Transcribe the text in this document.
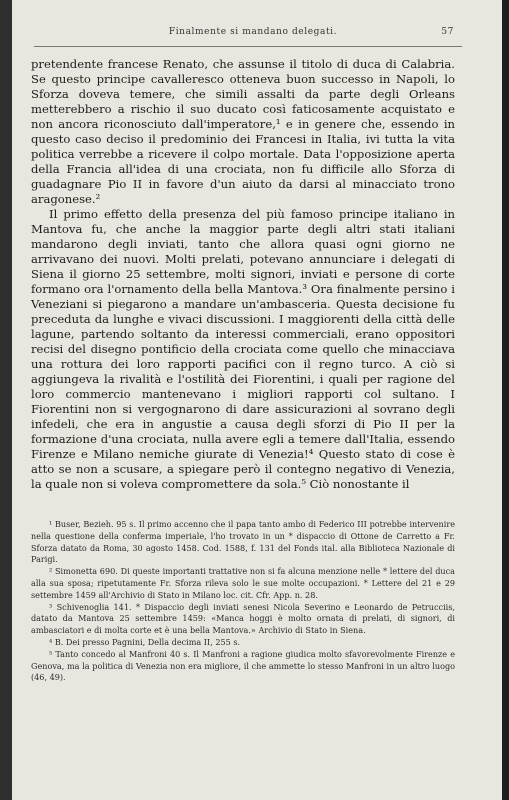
Finalmente si mandano delegati.	57

pretendente francese Renato, che assunse il titolo di duca di Calabria. Se questo principe cavalleresco otteneva buon successo in Napoli, lo Sforza doveva temere, che simili assalti da parte degli Orleans metterebbero a rischio il suo ducato così faticosamente acquistato e non ancora riconosciuto dall'imperatore,¹ e in genere che, essendo in questo caso deciso il predominio dei Francesi in Italia, ivi tutta la vita politica verrebbe a ricevere il colpo mortale. Data l'opposizione aperta della Francia all'idea di una crociata, non fu difficile allo Sforza di guadagnare Pio II in favore d'un aiuto da darsi al minacciato trono aragonese.²

Il primo effetto della presenza del più famoso principe italiano in Mantova fu, che anche la maggior parte degli altri stati italiani mandarono degli inviati, tanto che allora quasi ogni giorno ne arrivavano dei nuovi. Molti prelati, potevano annunciare i delegati di Siena il giorno 25 settembre, molti signori, inviati e persone di corte formano ora l'ornamento della bella Mantova.³ Ora finalmente persino i Veneziani si piegarono a mandare un'ambasceria. Questa decisione fu preceduta da lunghe e vivaci discussioni. I maggiorenti della città delle lagune, partendo soltanto da interessi commerciali, erano oppositori recisi del disegno pontificio della crociata come quello che minacciava una rottura dei loro rapporti pacifici con il regno turco. A ciò si aggiungeva la rivalità e l'ostilità dei Fiorentini, i quali per ragione del loro commercio mantenevano i migliori rapporti col sultano. I Fiorentini non si vergognarono di dare assicurazioni al sovrano degli infedeli, che era in angustie a causa degli sforzi di Pio II per la formazione d'una crociata, nulla avere egli a temere dall'Italia, essendo Firenze e Milano nemiche giurate di Venezia!⁴ Questo stato di cose è atto se non a scusare, a spiegare però il contegno negativo di Venezia, la quale non si voleva compromettere da sola.⁵ Ciò nonostante il

¹ Buser, Bezieh. 95 s. Il primo accenno che il papa tanto ambo di Federico III potrebbe intervenire nella questione della conferma imperiale, l'ho trovato in un * dispaccio di Ottone de Carretto a Fr. Sforza datato da Roma, 30 agosto 1458. Cod. 1588, f. 131 del Fonds ital. alla Biblioteca Nazionale di Parigi.

² Simonetta 690. Di queste importanti trattative non si fa alcuna menzione nelle * lettere del duca alla sua sposa; ripetutamente Fr. Sforza rileva solo le sue molte occupazioni. * Lettere del 21 e 29 settembre 1459 all'Archivio di Stato in Milano loc. cit. Cfr. App. n. 28.

³ Schivenoglia 141. * Dispaccio degli inviati senesi Nicola Severino e Leonardo de Petrucciis, datato da Mantova 25 settembre 1459: «Manca hoggi è molto ornata di prelati, di signori, di ambasciatori e di molta corte et è una bella Mantova.» Archivio di Stato in Siena.

⁴ B. Dei presso Pagnini, Della decima II, 255 s.

⁵ Tanto concedo al Manfroni 40 s. Il Manfroni a ragione giudica molto sfavorevolmente Firenze e Genova, ma la politica di Venezia non era migliore, il che ammette lo stesso Manfroni in un altro luogo (46, 49).
